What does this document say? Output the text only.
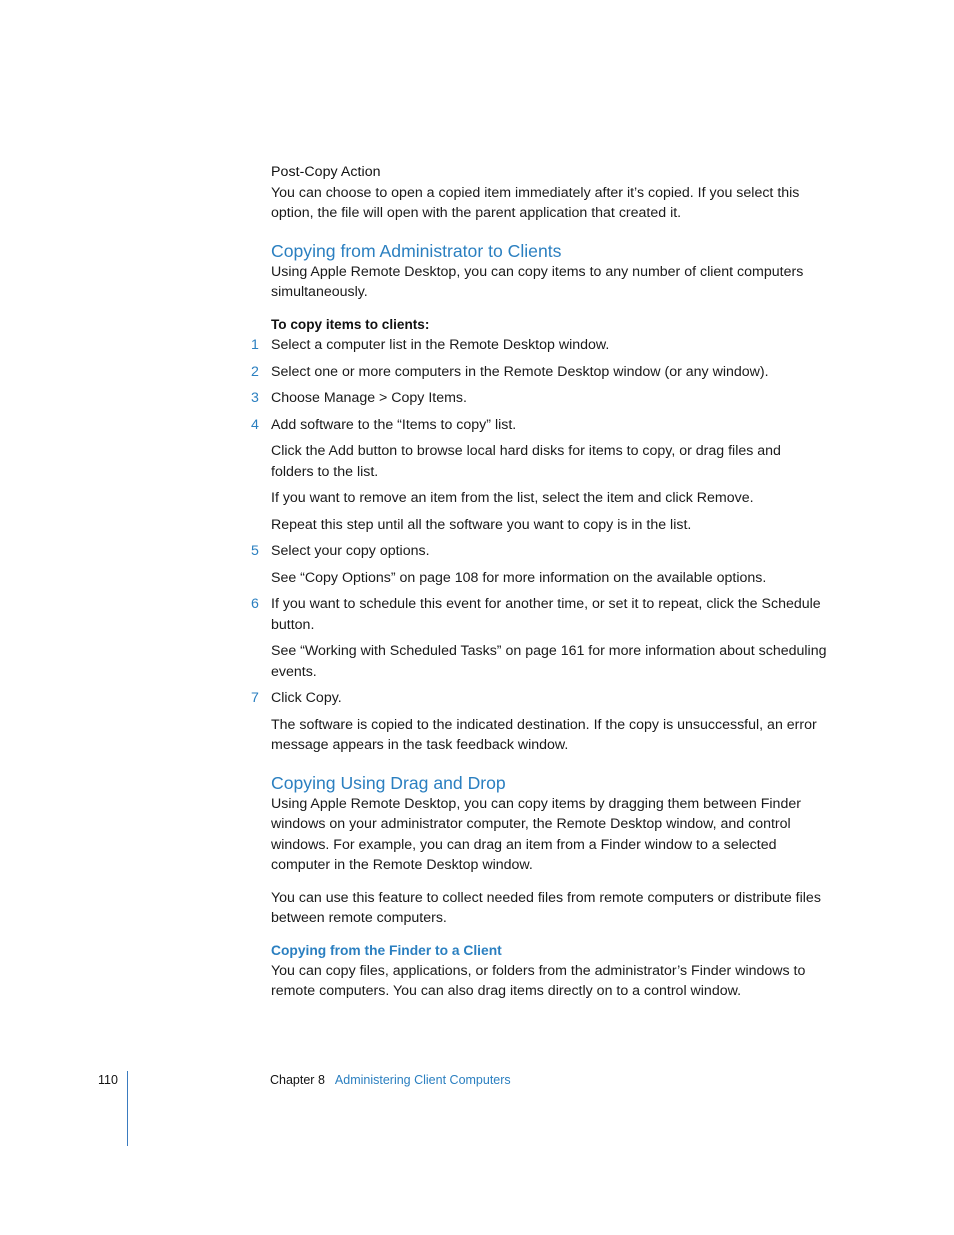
Post-Copy Action

You can choose to open a copied item immediately after it’s copied. If you select this option, the file will open with the parent application that created it.

Copying from Administrator to Clients

Using Apple Remote Desktop, you can copy items to any number of client computers simultaneously.

To copy items to clients:

1 Select a computer list in the Remote Desktop window.

2 Select one or more computers in the Remote Desktop window (or any window).

3 Choose Manage > Copy Items.

4 Add software to the “Items to copy” list.

Click the Add button to browse local hard disks for items to copy, or drag files and folders to the list.

If you want to remove an item from the list, select the item and click Remove.

Repeat this step until all the software you want to copy is in the list.

5 Select your copy options.

See “Copy Options” on page 108 for more information on the available options.

6 If you want to schedule this event for another time, or set it to repeat, click the Schedule button.

See “Working with Scheduled Tasks” on page 161 for more information about scheduling events.

7 Click Copy.

The software is copied to the indicated destination. If the copy is unsuccessful, an error message appears in the task feedback window.

Copying Using Drag and Drop

Using Apple Remote Desktop, you can copy items by dragging them between Finder windows on your administrator computer, the Remote Desktop window, and control windows. For example, you can drag an item from a Finder window to a selected computer in the Remote Desktop window.

You can use this feature to collect needed files from remote computers or distribute files between remote computers.

Copying from the Finder to a Client

You can copy files, applications, or folders from the administrator’s Finder windows to remote computers. You can also drag items directly on to a control window.

110	Chapter 8 Administering Client Computers
